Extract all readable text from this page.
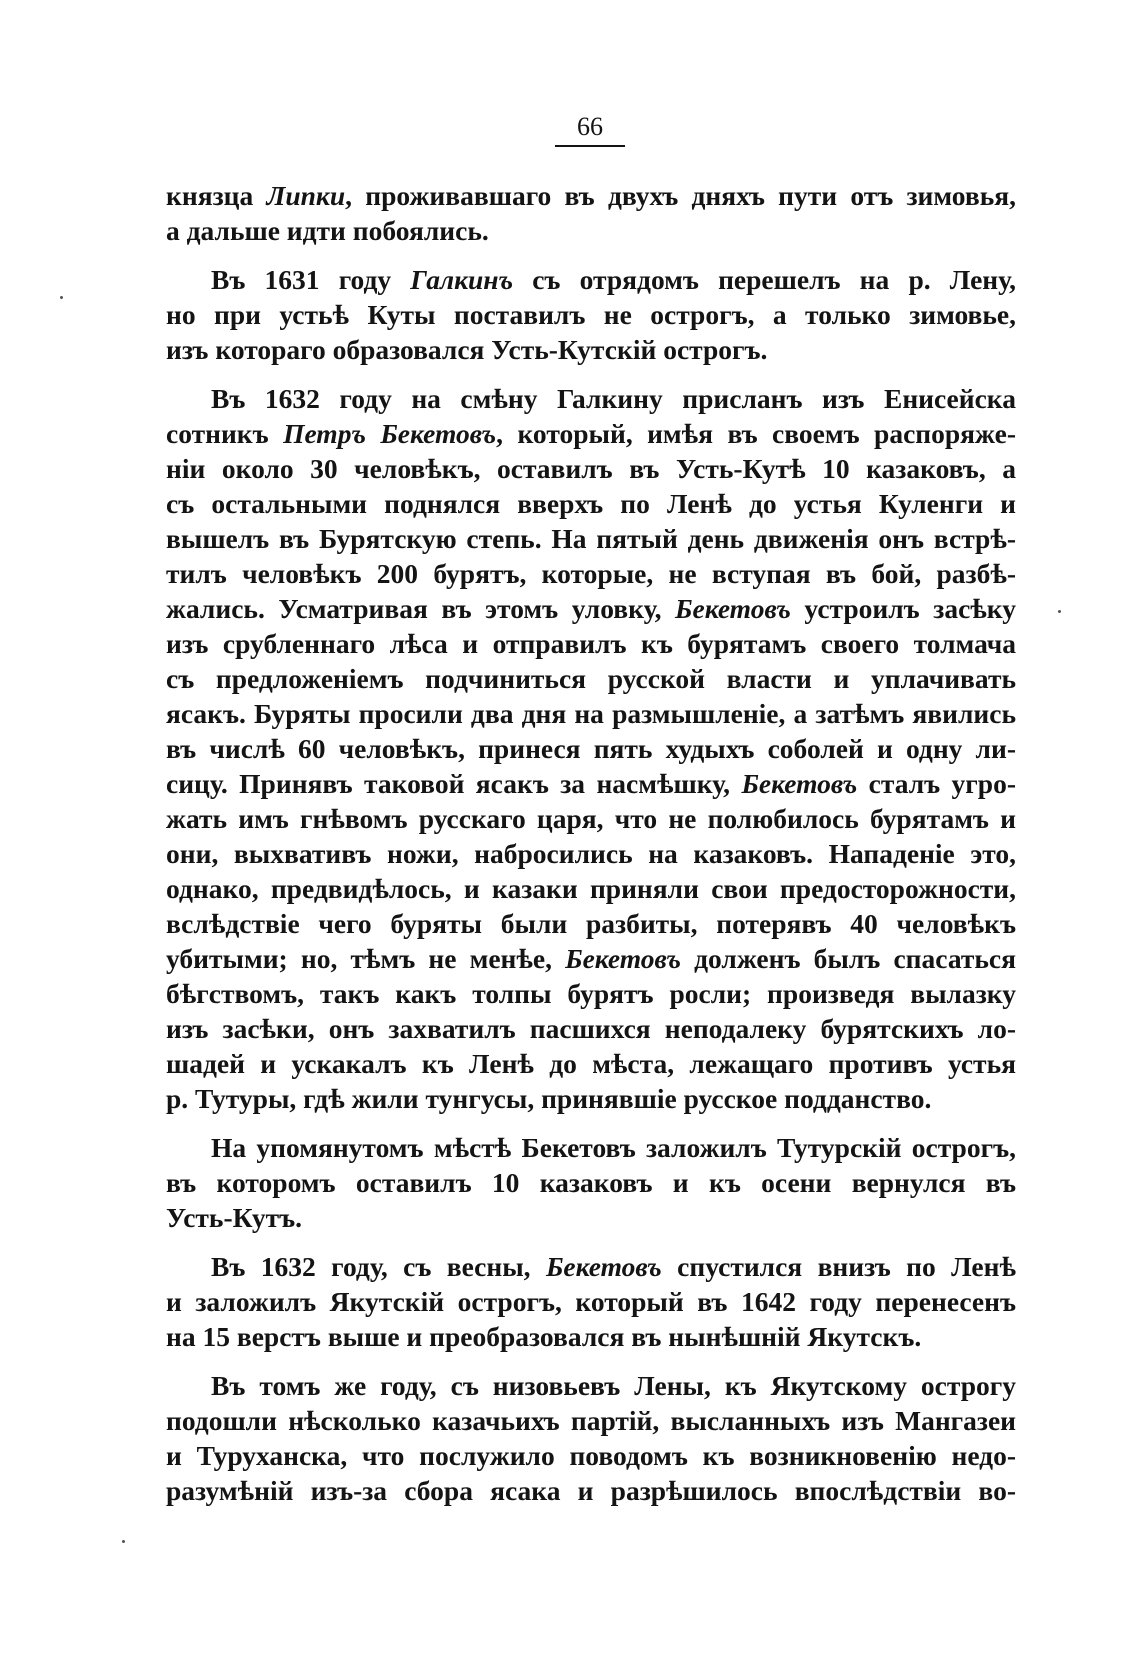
66
князца Липки, проживавшаго въ двухъ дняхъ пути отъ зимовья,
а дальше идти побоялись.
Въ 1631 году Галкинъ съ отрядомъ перешелъ на р. Лену,
но при устьѣ Куты поставилъ не острогъ, а только зимовье,
изъ котораго образовался Усть-Кутскій острогъ.
Въ 1632 году на смѣну Галкину присланъ изъ Енисейска
сотникъ Петръ Бекетовъ, который, имѣя въ своемъ распоряже-
ніи около 30 человѣкъ, оставилъ въ Усть-Кутѣ 10 казаковъ, а
съ остальными поднялся вверхъ по Ленѣ до устья Куленги и
вышелъ въ Бурятскую степь. На пятый день движенія онъ встрѣ-
тилъ человѣкъ 200 бурятъ, которые, не вступая въ бой, разбѣ-
жались. Усматривая въ этомъ уловку, Бекетовъ устроилъ засѣку
изъ срубленнаго лѣса и отправилъ къ бурятамъ своего толмача
съ предложеніемъ подчиниться русской власти и уплачивать
ясакъ. Буряты просили два дня на размышленіе, а затѣмъ явились
въ числѣ 60 человѣкъ, принеся пять худыхъ соболей и одну ли-
сицу. Принявъ таковой ясакъ за насмѣшку, Бекетовъ сталъ угро-
жать имъ гнѣвомъ русскаго царя, что не полюбилось бурятамъ и
они, выхвативъ ножи, набросились на казаковъ. Нападеніе это,
однако, предвидѣлось, и казаки приняли свои предосторожности,
вслѣдствіе чего буряты были разбиты, потерявъ 40 человѣкъ
убитыми; но, тѣмъ не менѣе, Бекетовъ долженъ былъ спасаться
бѣгствомъ, такъ какъ толпы бурятъ росли; произведя вылазку
изъ засѣки, онъ захватилъ пасшихся неподалеку бурятскихъ ло-
шадей и ускакалъ къ Ленѣ до мѣста, лежащаго противъ устья
р. Тутуры, гдѣ жили тунгусы, принявшіе русское подданство.
На упомянутомъ мѣстѣ Бекетовъ заложилъ Тутурскій острогъ,
въ которомъ оставилъ 10 казаковъ и къ осени вернулся въ
Усть-Кутъ.
Въ 1632 году, съ весны, Бекетовъ спустился внизъ по Ленѣ
и заложилъ Якутскій острогъ, который въ 1642 году перенесенъ
на 15 верстъ выше и преобразовался въ нынѣшній Якутскъ.
Въ томъ же году, съ низовьевъ Лены, къ Якутскому острогу
подошли нѣсколько казачьихъ партій, высланныхъ изъ Мангазеи
и Туруханска, что послужило поводомъ къ возникновенію недо-
разумѣній изъ-за сбора ясака и разрѣшилось впослѣдствіи во-
